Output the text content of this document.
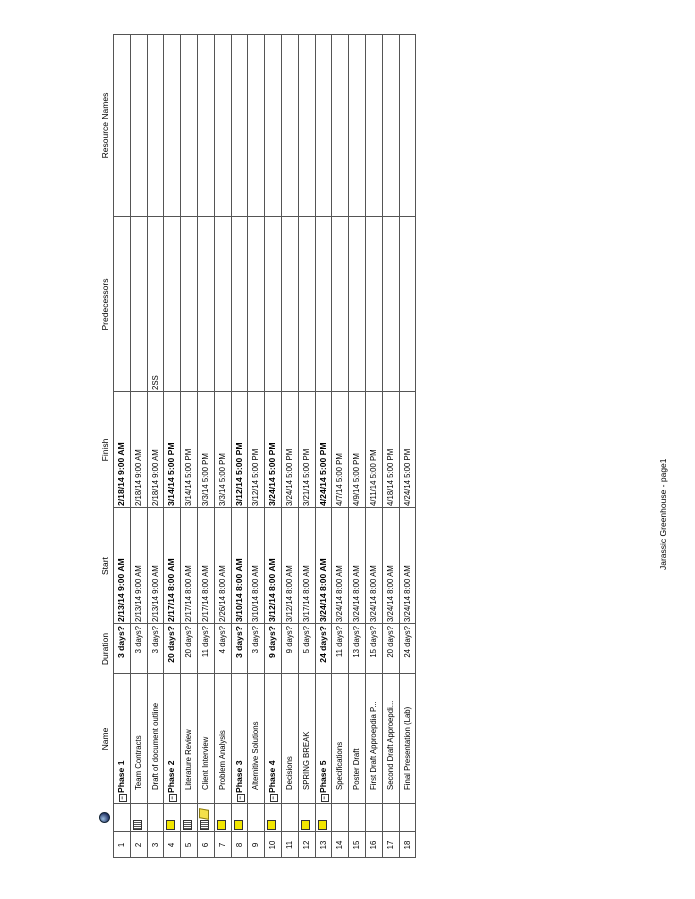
Name
Duration
Start
Finish
Predecessors
Resource Names
1
−Phase 1
3 days?
2/13/14 9:00 AM
2/18/14 9:00 AM
2
Team Contracts
3 days?
2/13/14 9:00 AM
2/18/14 9:00 AM
3
Draft of document outline
3 days?
2/13/14 9:00 AM
2/18/14 9:00 AM
2SS
4
−Phase 2
20 days?
2/17/14 8:00 AM
3/14/14 5:00 PM
5
Literature Review
20 days?
2/17/14 8:00 AM
3/14/14 5:00 PM
6
Client Interview
11 days?
2/17/14 8:00 AM
3/3/14 5:00 PM
7
Problem Analysis
4 days?
2/26/14 8:00 AM
3/3/14 5:00 PM
8
−Phase 3
3 days?
3/10/14 8:00 AM
3/12/14 5:00 PM
9
Alternitive Solutions
3 days?
3/10/14 8:00 AM
3/12/14 5:00 PM
10
−Phase 4
9 days?
3/12/14 8:00 AM
3/24/14 5:00 PM
11
Decisions
9 days?
3/12/14 8:00 AM
3/24/14 5:00 PM
12
SPRING BREAK
5 days?
3/17/14 8:00 AM
3/21/14 5:00 PM
13
−Phase 5
24 days?
3/24/14 8:00 AM
4/24/14 5:00 PM
14
Specifications
11 days?
3/24/14 8:00 AM
4/7/14 5:00 PM
15
Poster Draft
13 days?
3/24/14 8:00 AM
4/9/14 5:00 PM
16
First Draft Approepdia P...
15 days?
3/24/14 8:00 AM
4/11/14 5:00 PM
17
Second Draft Approepdi...
20 days?
3/24/14 8:00 AM
4/18/14 5:00 PM
18
Final Presentation (Lab)
24 days?
3/24/14 8:00 AM
4/24/14 5:00 PM	Jarassic Greenhouse - page1
